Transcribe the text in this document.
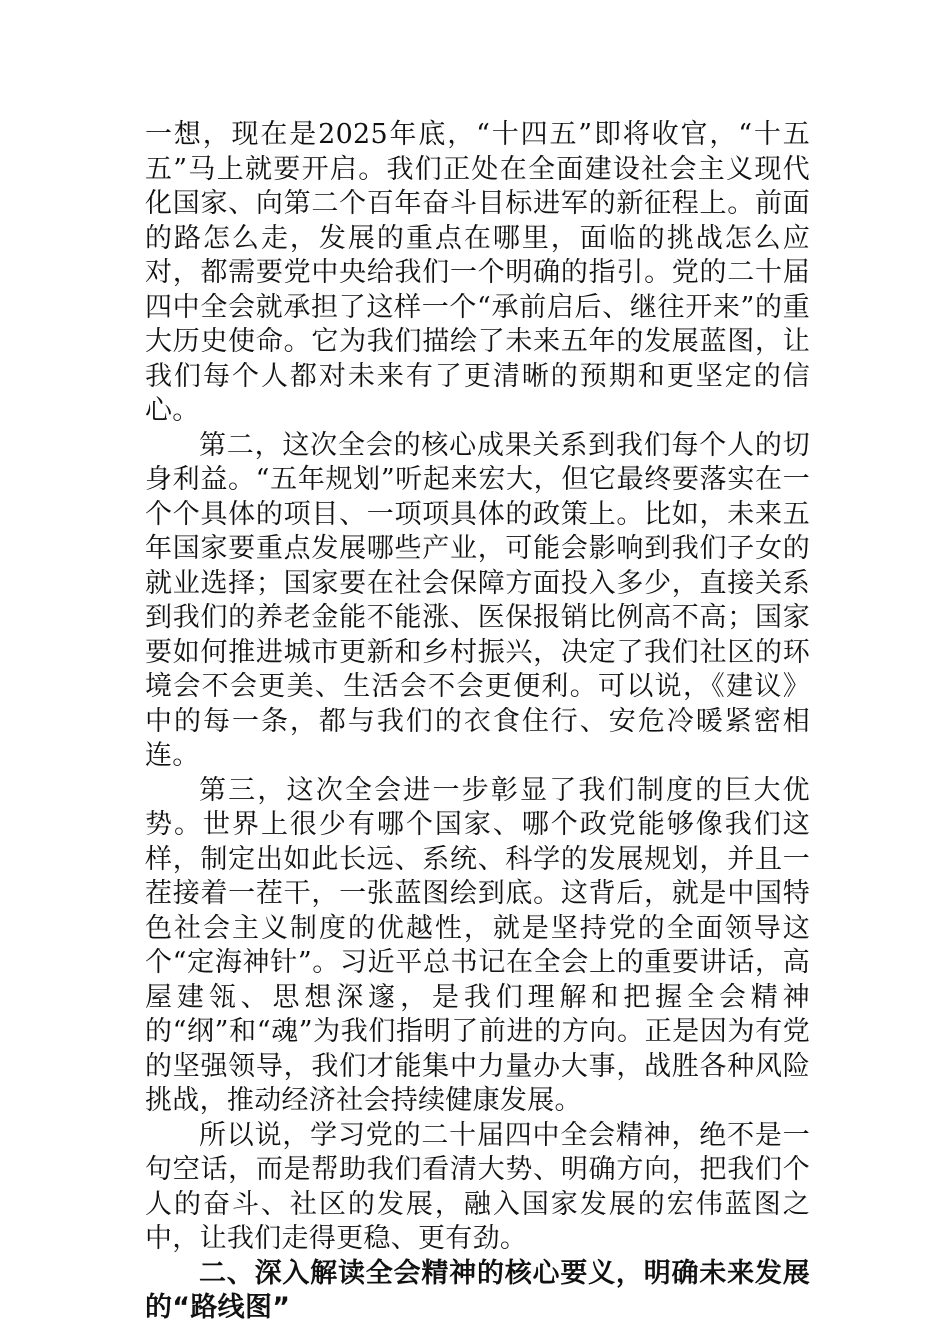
一想，现在是2025年底，“十四五”即将收官，“十五五”马上就要开启。我们正处在全面建设社会主义现代化国家、向第二个百年奋斗目标进军的新征程上。前面的路怎么走，发展的重点在哪里，面临的挑战怎么应对，都需要党中央给我们一个明确的指引。党的二十届四中全会就承担了这样一个“承前启后、继往开来”的重大历史使命。它为我们描绘了未来五年的发展蓝图，让我们每个人都对未来有了更清晰的预期和更坚定的信心。

第二，这次全会的核心成果关系到我们每个人的切身利益。“五年规划”听起来宏大，但它最终要落实在一个个具体的项目、一项项具体的政策上。比如，未来五年国家要重点发展哪些产业，可能会影响到我们子女的就业选择；国家要在社会保障方面投入多少，直接关系到我们的养老金能不能涨、医保报销比例高不高；国家要如何推进城市更新和乡村振兴，决定了我们社区的环境会不会更美、生活会不会更便利。可以说，《建议》中的每一条，都与我们的衣食住行、安危冷暖紧密相连。

第三，这次全会进一步彰显了我们制度的巨大优势。世界上很少有哪个国家、哪个政党能够像我们这样，制定出如此长远、系统、科学的发展规划，并且一茬接着一茬干，一张蓝图绘到底。这背后，就是中国特色社会主义制度的优越性，就是坚持党的全面领导这个“定海神针”。习近平总书记在全会上的重要讲话，高屋建瓴、思想深邃，是我们理解和把握全会精神的“纲”和“魂”为我们指明了前进的方向。正是因为有党的坚强领导，我们才能集中力量办大事，战胜各种风险挑战，推动经济社会持续健康发展。

所以说，学习党的二十届四中全会精神，绝不是一句空话，而是帮助我们看清大势、明确方向，把我们个人的奋斗、社区的发展，融入国家发展的宏伟蓝图之中，让我们走得更稳、更有劲。

二、深入解读全会精神的核心要义，明确未来发展的“路线图”
